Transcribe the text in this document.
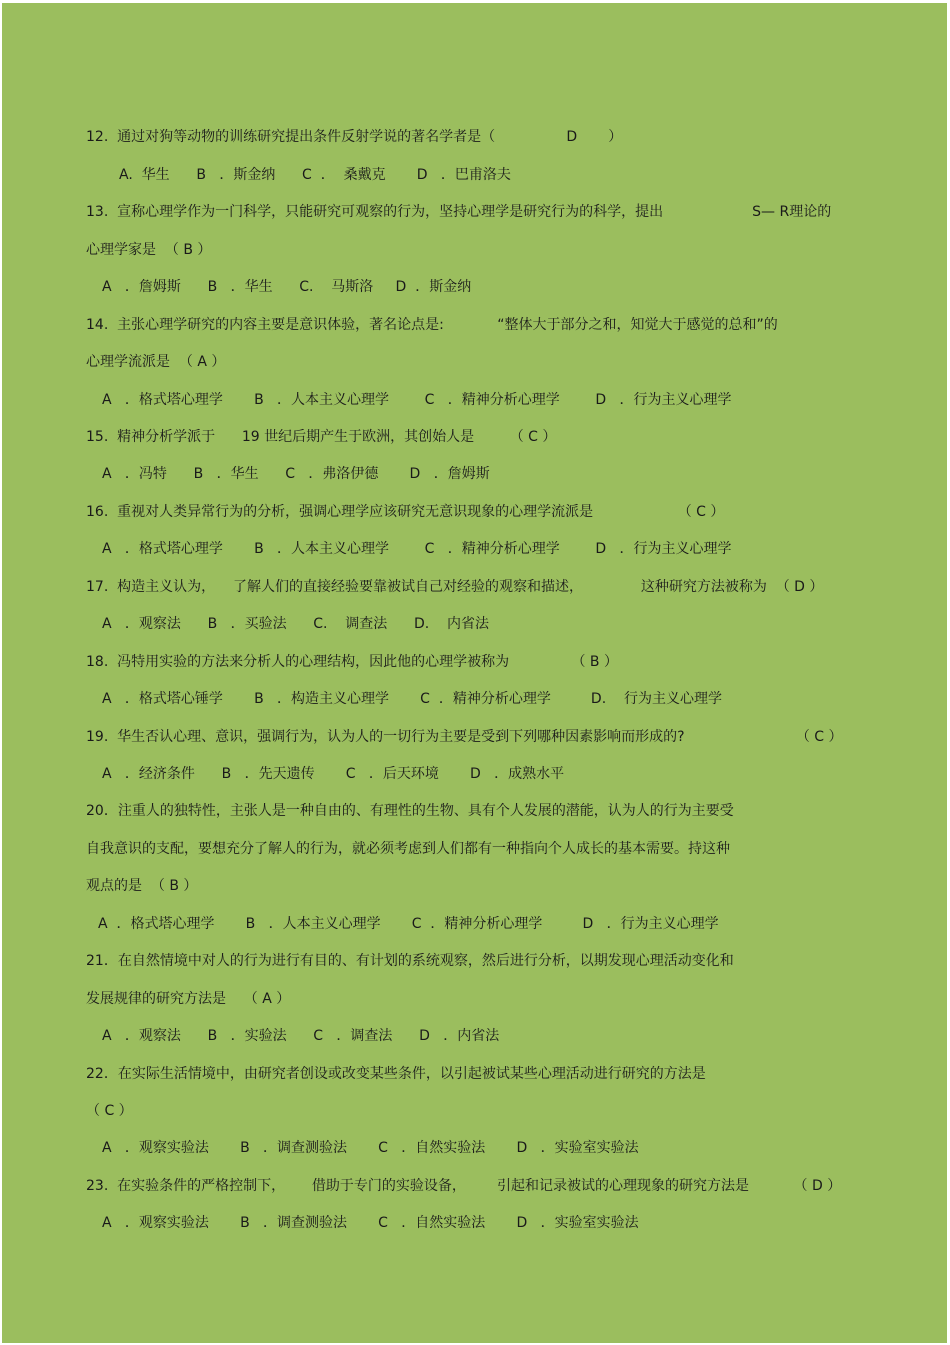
12.  通过对狗等动物的训练研究提出条件反射学说的著名学者是（                D       ）
A.  华生      B   ．斯金纳      C  ．  桑戴克       D   ．巴甫洛夫
13.  宣称心理学作为一门科学，只能研究可观察的行为，坚持心理学是研究行为的科学，提出                    S— R理论的
心理学家是  （ B ）
A   ．詹姆斯      B   ．华生      C.    马斯洛     D  ．斯金纳
14.  主张心理学研究的内容主要是意识体验，著名论点是:            “整体大于部分之和，知觉大于感觉的总和”的
心理学流派是  （ A ）
A   ．格式塔心理学       B   ．人本主义心理学        C   ．精神分析心理学        D   ．行为主义心理学
15.  精神分析学派于      19 世纪后期产生于欧洲，其创始人是        （ C ）
A   ．冯特      B   ．华生      C   ．弗洛伊德       D   ．詹姆斯
16.  重视对人类异常行为的分析，强调心理学应该研究无意识现象的心理学流派是                   （ C ）
A   ．格式塔心理学       B   ．人本主义心理学        C   ．精神分析心理学        D   ．行为主义心理学
17.  构造主义认为，    了解人们的直接经验要靠被试自己对经验的观察和描述，             这种研究方法被称为  （ D ）
A   ．观察法      B   ．买验法      C.    调查法      D.    内省法
18.  冯特用实验的方法来分析人的心理结构，因此他的心理学被称为              （ B ）
A   ．格式塔心锤学       B   ．构造主义心理学       C  ．精神分析心理学         D.    行为主义心理学
19.  华生否认心理、意识，强调行为，认为人的一切行为主要是受到下列哪种因素影响而形成的?                         （ C ）
A   ．经济条件      B   ．先天遗传       C   ．后天环境       D   ．成熟水平
20．注重人的独特性，主张人是一种自由的、有理性的生物、具有个人发展的潜能，认为人的行为主要受
自我意识的支配，要想充分了解人的行为，就必须考虑到人们都有一种指向个人成长的基本需要。持这种
观点的是  （ B ）
A  ．格式塔心理学       B   ．人本主义心理学       C  ．精神分析心理学         D   ．行为主义心理学
21．在自然情境中对人的行为进行有目的、有计划的系统观察，然后进行分析，以期发现心理活动变化和
发展规律的研究方法是    （ A ）
A   ．观察法      B   ．实验法      C   ．调查法      D   ．内省法
22．在实际生活情境中，由研究者创设或改变某些条件，以引起被试某些心理活动进行研究的方法是
（ C ）
A   ．观察实验法       B   ．调查测验法       C   ．自然实验法       D   ．实验室实验法
23.  在实验条件的严格控制下，      借助于专门的实验设备，       引起和记录被试的心理现象的研究方法是          （ D ）
A   ．观察实验法       B   ．调查测验法       C   ．自然实验法       D   ．实验室实验法
